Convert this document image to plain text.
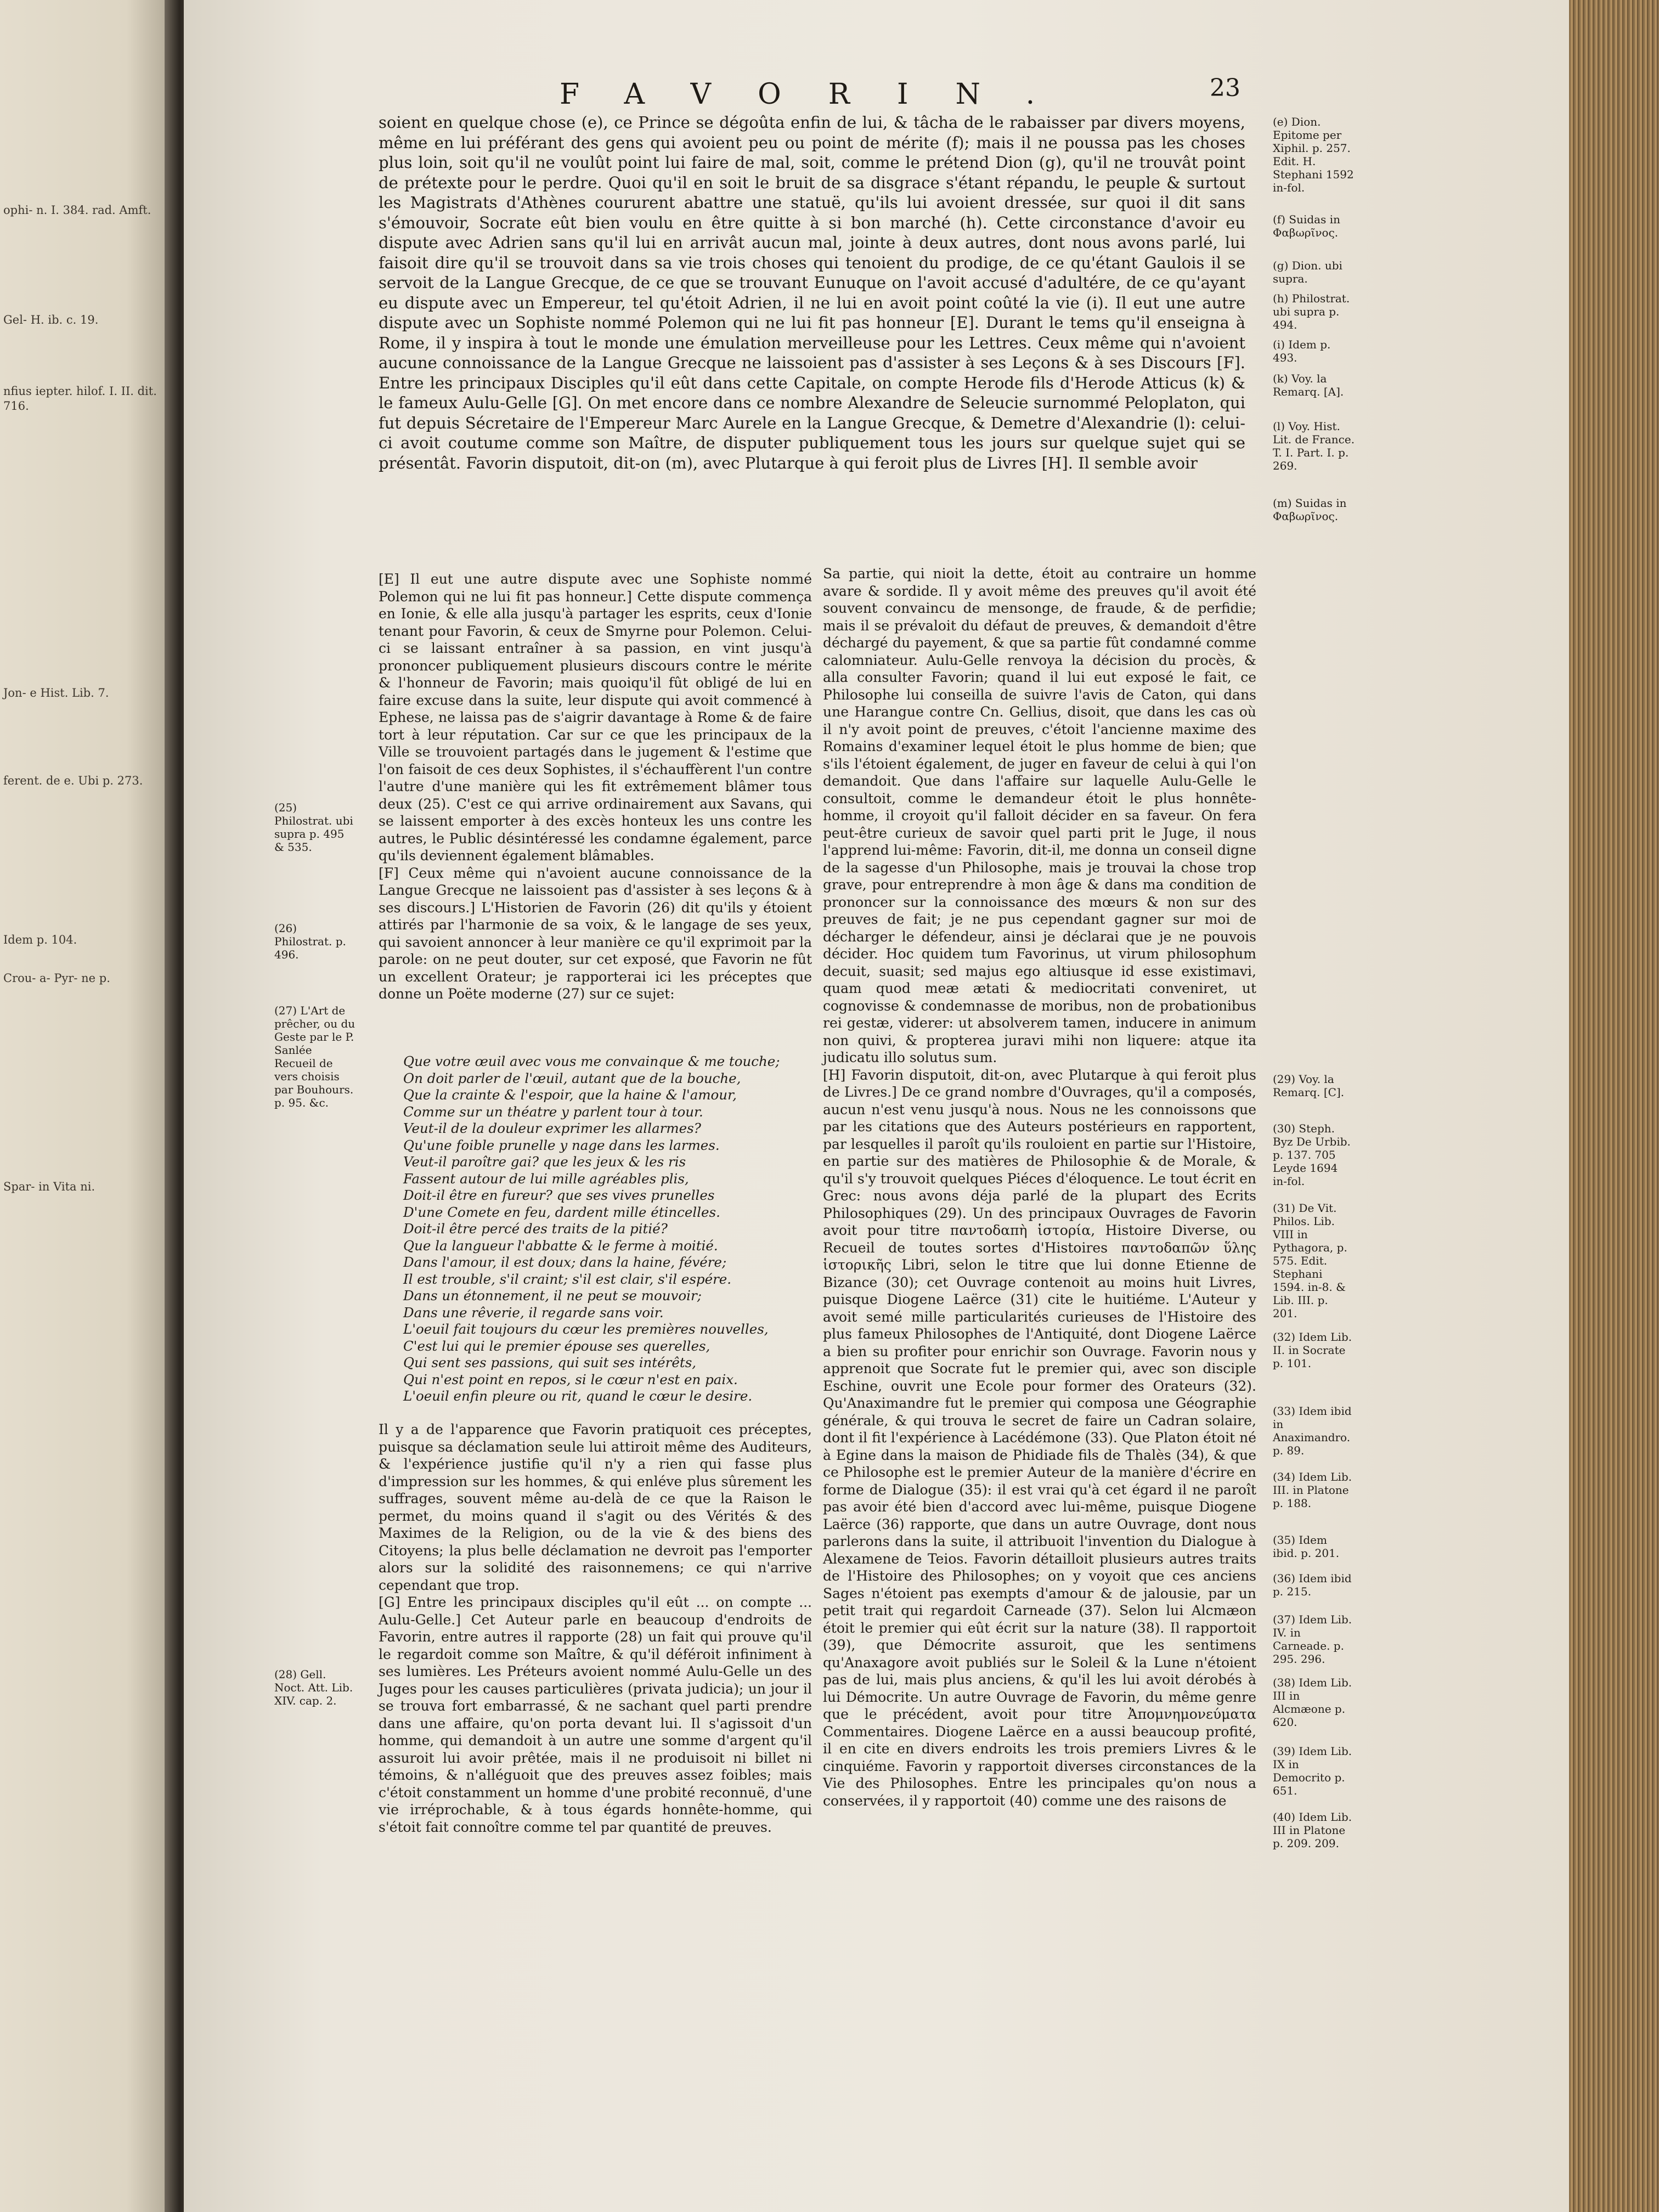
ophi- n. I. 384. rad. Amft.
Gel- H. ib. c. 19.
nfius iepter. hilof. I. II. dit. 716.
Jon- e Hist. Lib. 7.
ferent. de e. Ubi p. 273.
Idem p. 104.
Crou- a- Pyr- ne p.
Spar- in Vita ni.
FAVORIN.	23

soient en quelque chose (e), ce Prince se dégoûta enfin de lui, & tâcha de le rabaisser par divers moyens, même en lui préférant des gens qui avoient peu ou point de mérite (f); mais il ne poussa pas les choses plus loin, soit qu'il ne voulût point lui faire de mal, soit, comme le prétend Dion (g), qu'il ne trouvât point de prétexte pour le perdre. Quoi qu'il en soit le bruit de sa disgrace s'étant répandu, le peuple & surtout les Magistrats d'Athènes coururent abattre une statuë, qu'ils lui avoient dressée, sur quoi il dit sans s'émouvoir, Socrate eût bien voulu en être quitte à si bon marché (h). Cette circonstance d'avoir eu dispute avec Adrien sans qu'il lui en arrivât aucun mal, jointe à deux autres, dont nous avons parlé, lui faisoit dire qu'il se trouvoit dans sa vie trois choses qui tenoient du prodige, de ce qu'étant Gaulois il se servoit de la Langue Grecque, de ce que se trouvant Eunuque on l'avoit accusé d'adultére, de ce qu'ayant eu dispute avec un Empereur, tel qu'étoit Adrien, il ne lui en avoit point coûté la vie (i). Il eut une autre dispute avec un Sophiste nommé Polemon qui ne lui fit pas honneur [E]. Durant le tems qu'il enseigna à Rome, il y inspira à tout le monde une émulation merveilleuse pour les Lettres. Ceux même qui n'avoient aucune connoissance de la Langue Grecque ne laissoient pas d'assister à ses Leçons & à ses Discours [F]. Entre les principaux Disciples qu'il eût dans cette Capitale, on compte Herode fils d'Herode Atticus (k) & le fameux Aulu-Gelle [G]. On met encore dans ce nombre Alexandre de Seleucie surnommé Peloplaton, qui fut depuis Sécretaire de l'Empereur Marc Aurele en la Langue Grecque, & Demetre d'Alexandrie (l): celui-ci avoit coutume comme son Maître, de disputer publiquement tous les jours sur quelque sujet qui se présentât. Favorin disputoit, dit-on (m), avec Plutarque à qui feroit plus de Livres [H]. Il semble avoir

[E] Il eut une autre dispute avec une Sophiste nommé Polemon qui ne lui fit pas honneur.] Cette dispute commença en Ionie, & elle alla jusqu'à partager les esprits, ceux d'Ionie tenant pour Favorin, & ceux de Smyrne pour Polemon. Celui-ci se laissant entraîner à sa passion, en vint jusqu'à prononcer publiquement plusieurs discours contre le mérite & l'honneur de Favorin; mais quoiqu'il fût obligé de lui en faire excuse dans la suite, leur dispute qui avoit commencé à Ephese, ne laissa pas de s'aigrir davantage à Rome & de faire tort à leur réputation. Car sur ce que les principaux de la Ville se trouvoient partagés dans le jugement & l'estime que l'on faisoit de ces deux Sophistes, il s'échauffèrent l'un contre l'autre d'une manière qui les fit extrêmement blâmer tous deux (25). C'est ce qui arrive ordinairement aux Savans, qui se laissent emporter à des excès honteux les uns contre les autres, le Public désintéressé les condamne également, parce qu'ils deviennent également blâmables.

[F] Ceux même qui n'avoient aucune connoissance de la Langue Grecque ne laissoient pas d'assister à ses leçons & à ses discours.] L'Historien de Favorin (26) dit qu'ils y étoient attirés par l'harmonie de sa voix, & le langage de ses yeux, qui savoient annoncer à leur manière ce qu'il exprimoit par la parole: on ne peut douter, sur cet exposé, que Favorin ne fût un excellent Orateur; je rapporterai ici les préceptes que donne un Poëte moderne (27) sur ce sujet:

Que votre œuil avec vous me convainque & me touche;
On doit parler de l'œuil, autant que de la bouche,
Que la crainte & l'espoir, que la haine & l'amour,
Comme sur un théatre y parlent tour à tour.
Veut-il de la douleur exprimer les allarmes?
Qu'une foible prunelle y nage dans les larmes.
Veut-il paroître gai? que les jeux & les ris
Fassent autour de lui mille agréables plis,
Doit-il être en fureur? que ses vives prunelles
D'une Comete en feu, dardent mille étincelles.
Doit-il être percé des traits de la pitié?
Que la langueur l'abbatte & le ferme à moitié.
Dans l'amour, il est doux; dans la haine, févére;
Il est trouble, s'il craint; s'il est clair, s'il espére.
Dans un étonnement, il ne peut se mouvoir;
Dans une rêverie, il regarde sans voir.
L'oeuil fait toujours du cœur les premières nouvelles,
C'est lui qui le premier épouse ses querelles,
Qui sent ses passions, qui suit ses intérêts,
Qui n'est point en repos, si le cœur n'est en paix.
L'oeuil enfin pleure ou rit, quand le cœur le desire.

Il y a de l'apparence que Favorin pratiquoit ces préceptes, puisque sa déclamation seule lui attiroit même des Auditeurs, & l'expérience justifie qu'il n'y a rien qui fasse plus d'impression sur les hommes, & qui enléve plus sûrement les suffrages, souvent même au-delà de ce que la Raison le permet, du moins quand il s'agit ou des Vérités & des Maximes de la Religion, ou de la vie & des biens des Citoyens; la plus belle déclamation ne devroit pas l'emporter alors sur la solidité des raisonnemens; ce qui n'arrive cependant que trop.

[G] Entre les principaux disciples qu'il eût ... on compte ... Aulu-Gelle.] Cet Auteur parle en beaucoup d'endroits de Favorin, entre autres il rapporte (28) un fait qui prouve qu'il le regardoit comme son Maître, & qu'il déféroit infiniment à ses lumières. Les Préteurs avoient nommé Aulu-Gelle un des Juges pour les causes particulières (privata judicia); un jour il se trouva fort embarrassé, & ne sachant quel parti prendre dans une affaire, qu'on porta devant lui. Il s'agissoit d'un homme, qui demandoit à un autre une somme d'argent qu'il assuroit lui avoir prêtée, mais il ne produisoit ni billet ni témoins, & n'alléguoit que des preuves assez foibles; mais c'étoit constamment un homme d'une probité reconnuë, d'une vie irréprochable, & à tous égards honnête-homme, qui s'étoit fait connoître comme tel par quantité de preuves.

Sa partie, qui nioit la dette, étoit au contraire un homme avare & sordide. Il y avoit même des preuves qu'il avoit été souvent convaincu de mensonge, de fraude, & de perfidie; mais il se prévaloit du défaut de preuves, & demandoit d'être déchargé du payement, & que sa partie fût condamné comme calomniateur. Aulu-Gelle renvoya la décision du procès, & alla consulter Favorin; quand il lui eut exposé le fait, ce Philosophe lui conseilla de suivre l'avis de Caton, qui dans une Harangue contre Cn. Gellius, disoit, que dans les cas où il n'y avoit point de preuves, c'étoit l'ancienne maxime des Romains d'examiner lequel étoit le plus homme de bien; que s'ils l'étoient également, de juger en faveur de celui à qui l'on demandoit. Que dans l'affaire sur laquelle Aulu-Gelle le consultoit, comme le demandeur étoit le plus honnête-homme, il croyoit qu'il falloit décider en sa faveur. On fera peut-être curieux de savoir quel parti prit le Juge, il nous l'apprend lui-même: Favorin, dit-il, me donna un conseil digne de la sagesse d'un Philosophe, mais je trouvai la chose trop grave, pour entreprendre à mon âge & dans ma condition de prononcer sur la connoissance des mœurs & non sur des preuves de fait; je ne pus cependant gagner sur moi de décharger le défendeur, ainsi je déclarai que je ne pouvois décider. Hoc quidem tum Favorinus, ut virum philosophum decuit, suasit; sed majus ego altiusque id esse existimavi, quam quod meæ ætati & mediocritati conveniret, ut cognovisse & condemnasse de moribus, non de probationibus rei gestæ, viderer: ut absolverem tamen, inducere in animum non quivi, & propterea juravi mihi non liquere: atque ita judicatu illo solutus sum.

[H] Favorin disputoit, dit-on, avec Plutarque à qui feroit plus de Livres.] De ce grand nombre d'Ouvrages, qu'il a composés, aucun n'est venu jusqu'à nous. Nous ne les connoissons que par les citations que des Auteurs postérieurs en rapportent, par lesquelles il paroît qu'ils rouloient en partie sur l'Histoire, en partie sur des matières de Philosophie & de Morale, & qu'il s'y trouvoit quelques Piéces d'éloquence. Le tout écrit en Grec: nous avons déja parlé de la plupart des Ecrits Philosophiques (29). Un des principaux Ouvrages de Favorin avoit pour titre παντοδαπὴ ἱστορία, Histoire Diverse, ou Recueil de toutes sortes d'Histoires παντοδαπῶν ὕλης ἱστορικῆς Libri, selon le titre que lui donne Etienne de Bizance (30); cet Ouvrage contenoit au moins huit Livres, puisque Diogene Laërce (31) cite le huitiéme. L'Auteur y avoit semé mille particularités curieuses de l'Histoire des plus fameux Philosophes de l'Antiquité, dont Diogene Laërce a bien su profiter pour enrichir son Ouvrage. Favorin nous y apprenoit que Socrate fut le premier qui, avec son disciple Eschine, ouvrit une Ecole pour former des Orateurs (32). Qu'Anaximandre fut le premier qui composa une Géographie générale, & qui trouva le secret de faire un Cadran solaire, dont il fit l'expérience à Lacédémone (33). Que Platon étoit né à Egine dans la maison de Phidiade fils de Thalès (34), & que ce Philosophe est le premier Auteur de la manière d'écrire en forme de Dialogue (35): il est vrai qu'à cet égard il ne paroît pas avoir été bien d'accord avec lui-même, puisque Diogene Laërce (36) rapporte, que dans un autre Ouvrage, dont nous parlerons dans la suite, il attribuoit l'invention du Dialogue à Alexamene de Teios. Favorin détailloit plusieurs autres traits de l'Histoire des Philosophes; on y voyoit que ces anciens Sages n'étoient pas exempts d'amour & de jalousie, par un petit trait qui regardoit Carneade (37). Selon lui Alcmæon étoit le premier qui eût écrit sur la nature (38). Il rapportoit (39), que Démocrite assuroit, que les sentimens qu'Anaxagore avoit publiés sur le Soleil & la Lune n'étoient pas de lui, mais plus anciens, & qu'il les lui avoit dérobés à lui Démocrite. Un autre Ouvrage de Favorin, du même genre que le précédent, avoit pour titre Ἀπομνημονεύματα Commentaires. Diogene Laërce en a aussi beaucoup profité, il en cite en divers endroits les trois premiers Livres & le cinquiéme. Favorin y rapportoit diverses circonstances de la Vie des Philosophes. Entre les principales qu'on nous a conservées, il y rapportoit (40) comme une des raisons de

(e) Dion. Epitome per Xiphil. p. 257. Edit. H. Stephani 1592 in-fol.
(f) Suidas in Φαβωρῖνος.
(g) Dion. ubi supra.
(h) Philostrat. ubi supra p. 494.
(i) Idem p. 493.
(k) Voy. la Remarq. [A].
(l) Voy. Hist. Lit. de France. T. I. Part. I. p. 269.
(m) Suidas in Φαβωρῖνος.
(29) Voy. la Remarq. [C].
(30) Steph. Byz De Urbib. p. 137. 705 Leyde 1694 in-fol.
(31) De Vit. Philos. Lib. VIII in Pythagora, p. 575. Edit. Stephani 1594. in-8. & Lib. III. p. 201.
(32) Idem Lib. II. in Socrate p. 101.
(33) Idem ibid in Anaximandro. p. 89.
(34) Idem Lib. III. in Platone p. 188.
(35) Idem ibid. p. 201.
(36) Idem ibid p. 215.
(37) Idem Lib. IV. in Carneade. p. 295. 296.
(38) Idem Lib. III in Alcmæone p. 620.
(39) Idem Lib. IX in Democrito p. 651.
(40) Idem Lib. III in Platone p. 209. 209.
(25) Philostrat. ubi supra p. 495 & 535.
(26) Philostrat. p. 496.
(27) L'Art de prêcher, ou du Geste par le P. Sanlée Recueil de vers choisis par Bouhours. p. 95. &c.
(28) Gell. Noct. Att. Lib. XIV. cap. 2.
